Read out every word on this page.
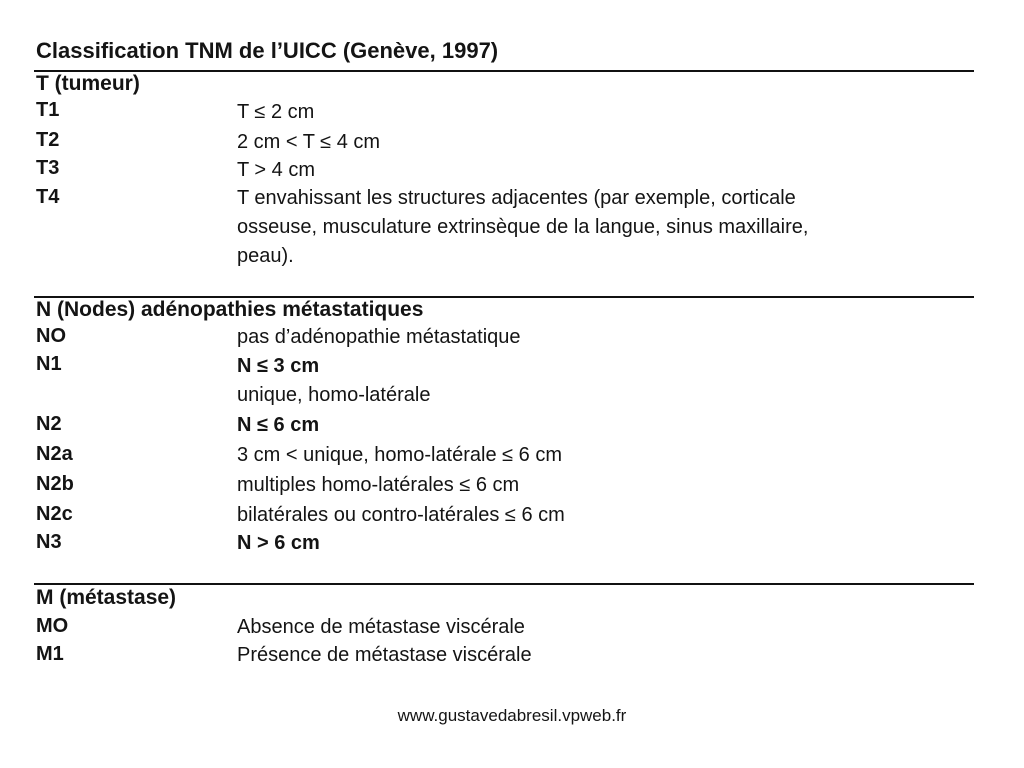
Classification TNM de l’UICC (Genève, 1997)
T (tumeur)
T1	T ≤ 2 cm
T2	2 cm < T ≤ 4 cm
T3	T > 4 cm
T4	T envahissant les structures adjacentes (par exemple, corticale
osseuse, musculature extrinsèque de la langue, sinus maxillaire,
peau).
N (Nodes) adénopathies métastatiques
NO	pas d’adénopathie métastatique
N1	N ≤ 3 cm
unique, homo-latérale
N2	N ≤ 6 cm
N2a	3 cm < unique, homo-latérale ≤ 6 cm
N2b	multiples homo-latérales ≤ 6 cm
N2c	bilatérales ou contro-latérales ≤ 6 cm
N3	N > 6 cm
M (métastase)
MO	Absence de métastase viscérale
M1	Présence de métastase viscérale
www.gustavedabresil.vpweb.fr
